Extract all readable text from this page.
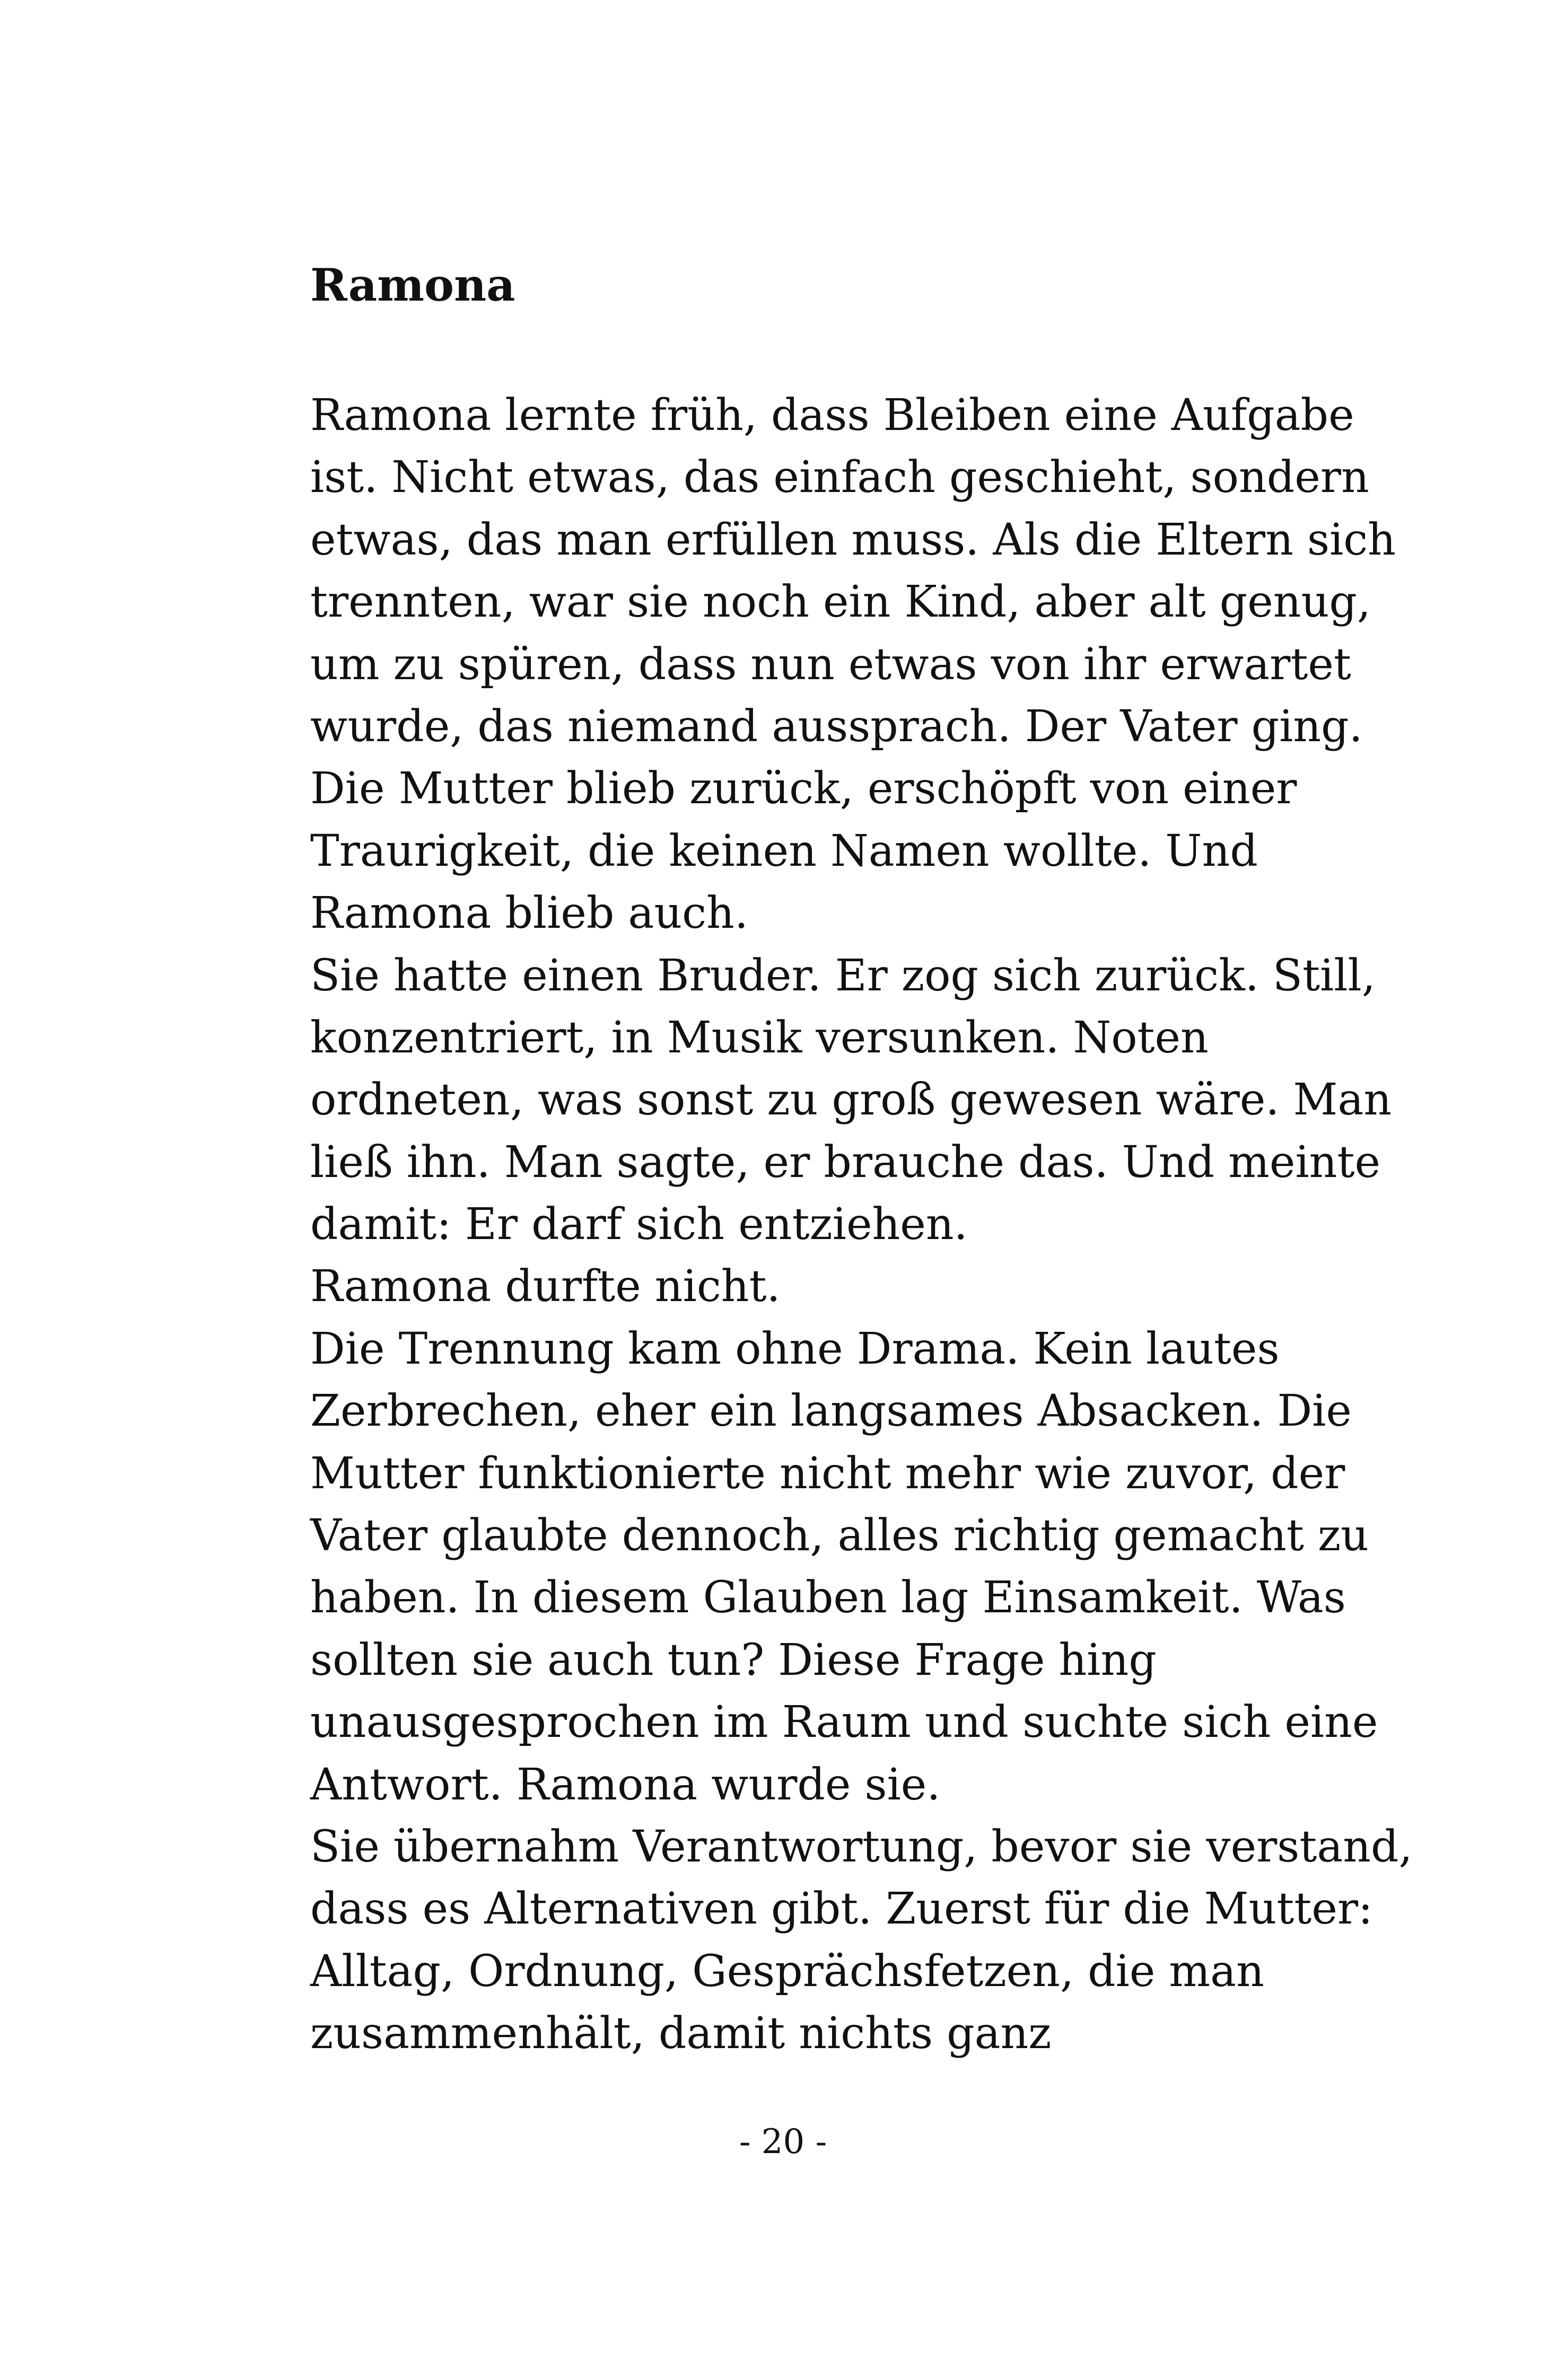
Ramona
Ramona lernte früh, dass Bleiben eine Aufgabe
ist. Nicht etwas, das einfach geschieht, sondern
etwas, das man erfüllen muss. Als die Eltern sich
trennten, war sie noch ein Kind, aber alt genug,
um zu spüren, dass nun etwas von ihr erwartet
wurde, das niemand aussprach. Der Vater ging.
Die Mutter blieb zurück, erschöpft von einer
Traurigkeit, die keinen Namen wollte. Und
Ramona blieb auch.
Sie hatte einen Bruder. Er zog sich zurück. Still,
konzentriert, in Musik versunken. Noten
ordneten, was sonst zu groß gewesen wäre. Man
ließ ihn. Man sagte, er brauche das. Und meinte
damit: Er darf sich entziehen.
Ramona durfte nicht.
Die Trennung kam ohne Drama. Kein lautes
Zerbrechen, eher ein langsames Absacken. Die
Mutter funktionierte nicht mehr wie zuvor, der
Vater glaubte dennoch, alles richtig gemacht zu
haben. In diesem Glauben lag Einsamkeit. Was
sollten sie auch tun? Diese Frage hing
unausgesprochen im Raum und suchte sich eine
Antwort. Ramona wurde sie.
Sie übernahm Verantwortung, bevor sie verstand,
dass es Alternativen gibt. Zuerst für die Mutter:
Alltag, Ordnung, Gesprächsfetzen, die man
zusammenhält, damit nichts ganz
- 20 -
